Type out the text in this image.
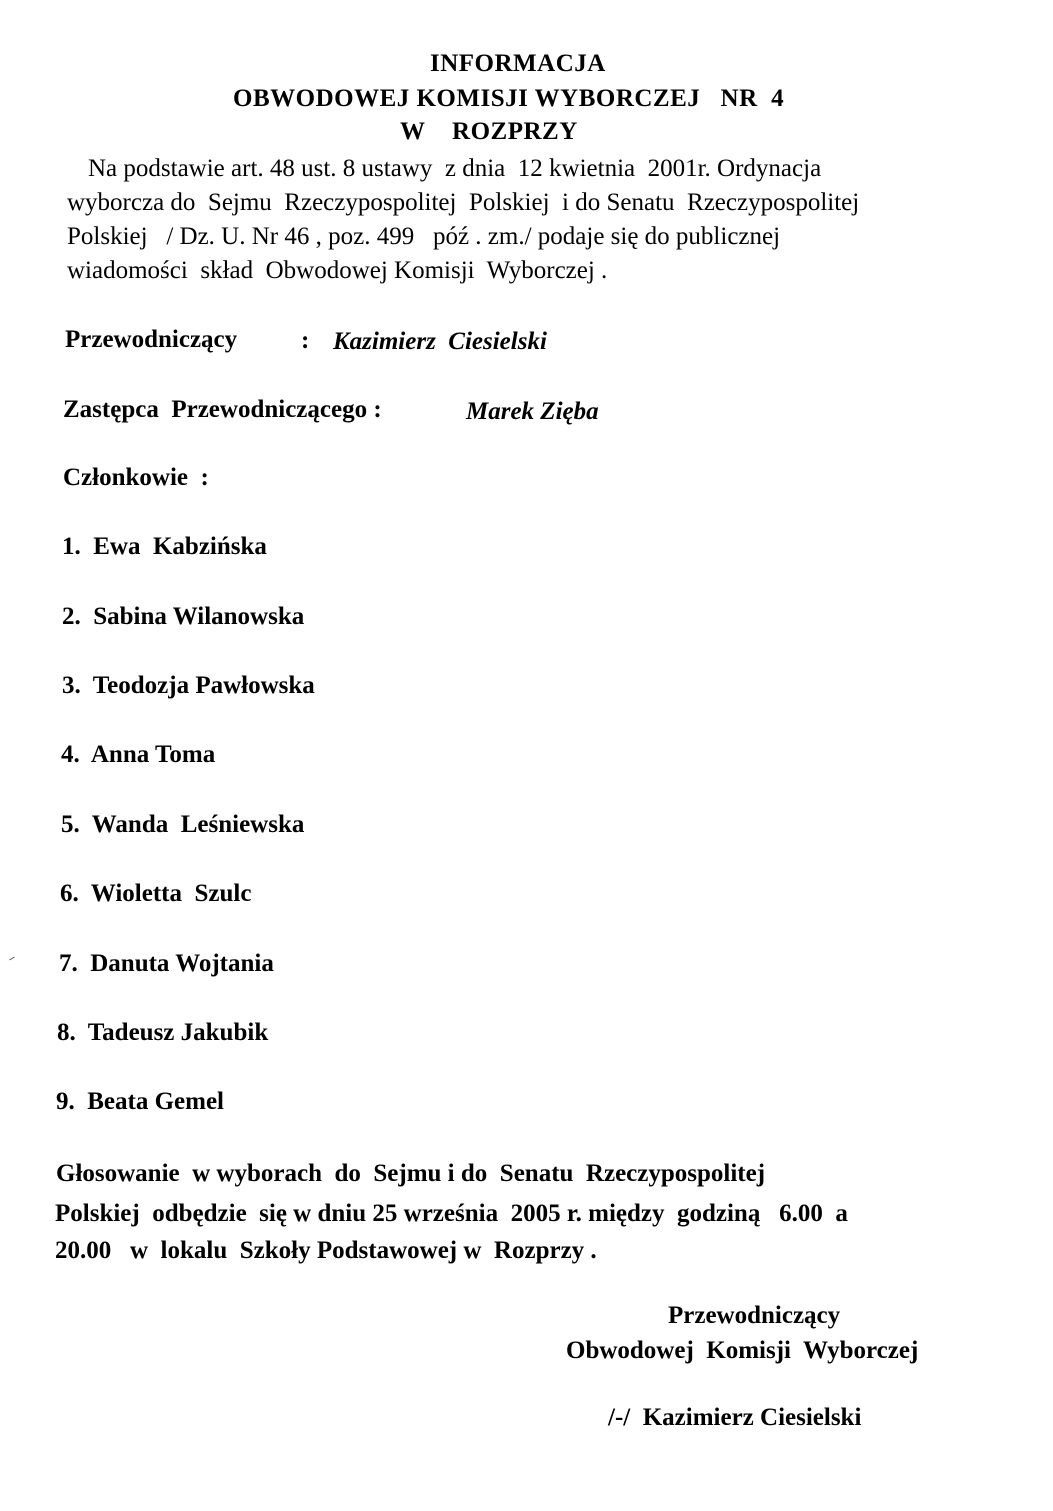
INFORMACJA
OBWODOWEJ KOMISJI WYBORCZEJ   NR  4
W    ROZPRZY
Na podstawie art. 48 ust. 8 ustawy  z dnia  12 kwietnia  2001r. Ordynacja
wyborcza do  Sejmu  Rzeczypospolitej  Polskiej  i do Senatu  Rzeczypospolitej
Polskiej   / Dz. U. Nr 46 , poz. 499   póź . zm./ podaje się do publicznej
wiadomości  skład  Obwodowej Komisji  Wyborczej .
Przewodniczący	: Kazimierz  Ciesielski
Zastępca  Przewodniczącego :	Marek Zięba
Członkowie  :
1.  Ewa  Kabzińska
2.  Sabina Wilanowska
3.  Teodozja Pawłowska
4.  Anna Toma
5.  Wanda  Leśniewska
6.  Wioletta  Szulc
7.  Danuta Wojtania
8.  Tadeusz Jakubik
9.  Beata Gemel
Głosowanie  w wyborach  do  Sejmu i do  Senatu  Rzeczypospolitej
Polskiej  odbędzie  się w dniu 25 września  2005 r. między  godziną   6.00  a
20.00   w  lokalu  Szkoły Podstawowej w  Rozprzy .
Przewodniczący
Obwodowej  Komisji  Wyborczej
/-/  Kazimierz Ciesielski
